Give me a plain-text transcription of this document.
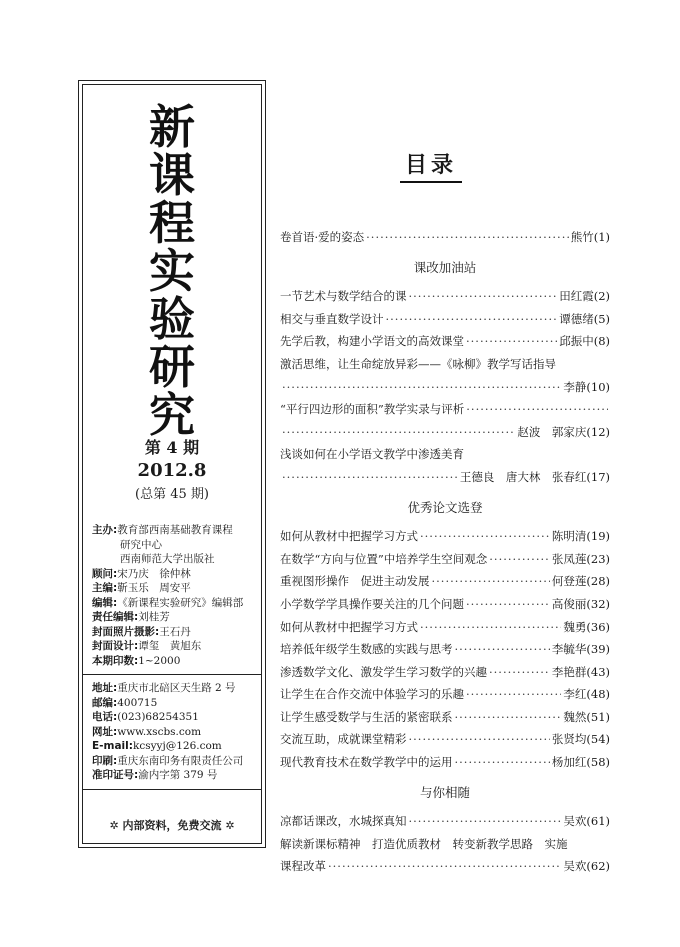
新
课
程
实
验
研
究
第 4 期
2012.8
(总第 45 期)
主办:教育部西南基础教育课程
研究中心
西南师范大学出版社
顾问:宋乃庆　徐仲林
主编:靳玉乐　周安平
编辑:《新课程实验研究》编辑部
责任编辑:刘桂芳
封面照片摄影:王石丹
封面设计:谭玺　黄旭东
本期印数:1~2000
地址:重庆市北碚区天生路 2 号
邮编:400715
电话:(023)68254351
网址:www.xscbs.com
E-mail:kcsyyj@126.com
印刷:重庆东南印务有限责任公司
准印证号:渝内字第 379 号
✲ 内部资料，免费交流 ✲
目录
卷首语·爱的姿态 ·····	熊竹(1)
课改加油站
一节艺术与数学结合的课 ·····	田红霞(2)
相交与垂直数学设计 ·····	谭德绪(5)
先学后教，构建小学语文的高效课堂 ·····	邱振中(8)
激活思维，让生命绽放异彩——《咏柳》教学写话指导
·····
李静(10)
“平行四边形的面积”教学实录与评析
·····
·····
赵波　郭家庆(12)
浅谈如何在小学语文教学中渗透美育
·····
王德良　唐大林　张春红(17)
优秀论文选登
如何从教材中把握学习方式 ·····	陈明清(19)
在数学“方向与位置”中培养学生空间观念 ·····	张凤莲(23)
重视图形操作　促进主动发展 ·····	何登莲(28)
小学数学学具操作要关注的几个问题 ·····	高俊丽(32)
如何从教材中把握学习方式 ·····	魏勇(36)
培养低年级学生数感的实践与思考 ·····	李毓华(39)
渗透数学文化、激发学生学习数学的兴趣 ·····	李艳群(43)
让学生在合作交流中体验学习的乐趣 ·····	李红(48)
让学生感受数学与生活的紧密联系 ·····	魏然(51)
交流互助，成就课堂精彩 ·····	张贤均(54)
现代教育技术在数学教学中的运用 ·····	杨加红(58)
与你相随
凉都话课改，水城探真知 ·····	吴欢(61)
解读新课标精神　打造优质教材　转变新教学思路　实施
课程改革 ·····	吴欢(62)
